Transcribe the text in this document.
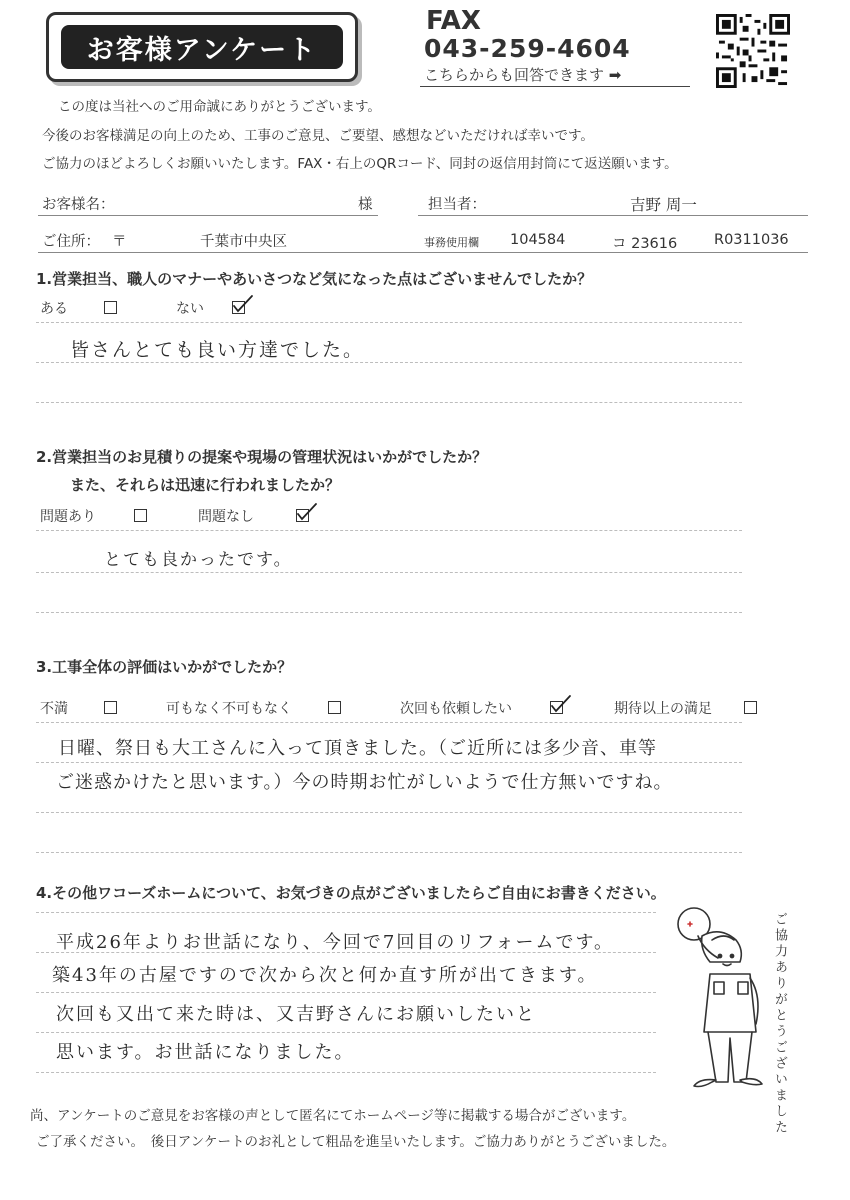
お客様アンケート
FAX
043-259-4604
こちらからも回答できます ➡
この度は当社へのご用命誠にありがとうございます。
今後のお客様満足の向上のため、工事のご意見、ご要望、感想などいただければ幸いです。
ご協力のほどよろしくお願いいたします。FAX・右上のQRコード、同封の返信用封筒にて返送願います。
お客様名：	様	担当者：	吉野 周一
ご住所： 〒	千葉市中央区	事務使用欄 104584	コ 23616	R0311036
1.営業担当、職人のマナーやあいさつなど気になった点はございませんでしたか？
ある	ない
皆さんとても良い方達でした。
2.営業担当のお見積りの提案や現場の管理状況はいかがでしたか？
また、それらは迅速に行われましたか？
問題あり	問題なし
とても良かったです。
3.工事全体の評価はいかがでしたか？
不満	可もなく不可もなく	次回も依頼したい	期待以上の満足
日曜、祭日も大工さんに入って頂きました。（ご近所には多少音、車等
ご迷惑かけたと思います。）今の時期お忙がしいようで仕方無いですね。
4.その他ワコーズホームについて、お気づきの点がございましたらご自由にお書きください。
平成26年よりお世話になり、今回で7回目のリフォームです。
築43年の古屋ですので次から次と何か直す所が出てきます。
次回も又出て来た時は、又吉野さんにお願いしたいと
思います。お世話になりました。	ご協力ありがとうございました
尚、アンケートのご意見をお客様の声として匿名にてホームページ等に掲載する場合がございます。
ご了承ください。　後日アンケートのお礼として粗品を進呈いたします。ご協力ありがとうございました。
